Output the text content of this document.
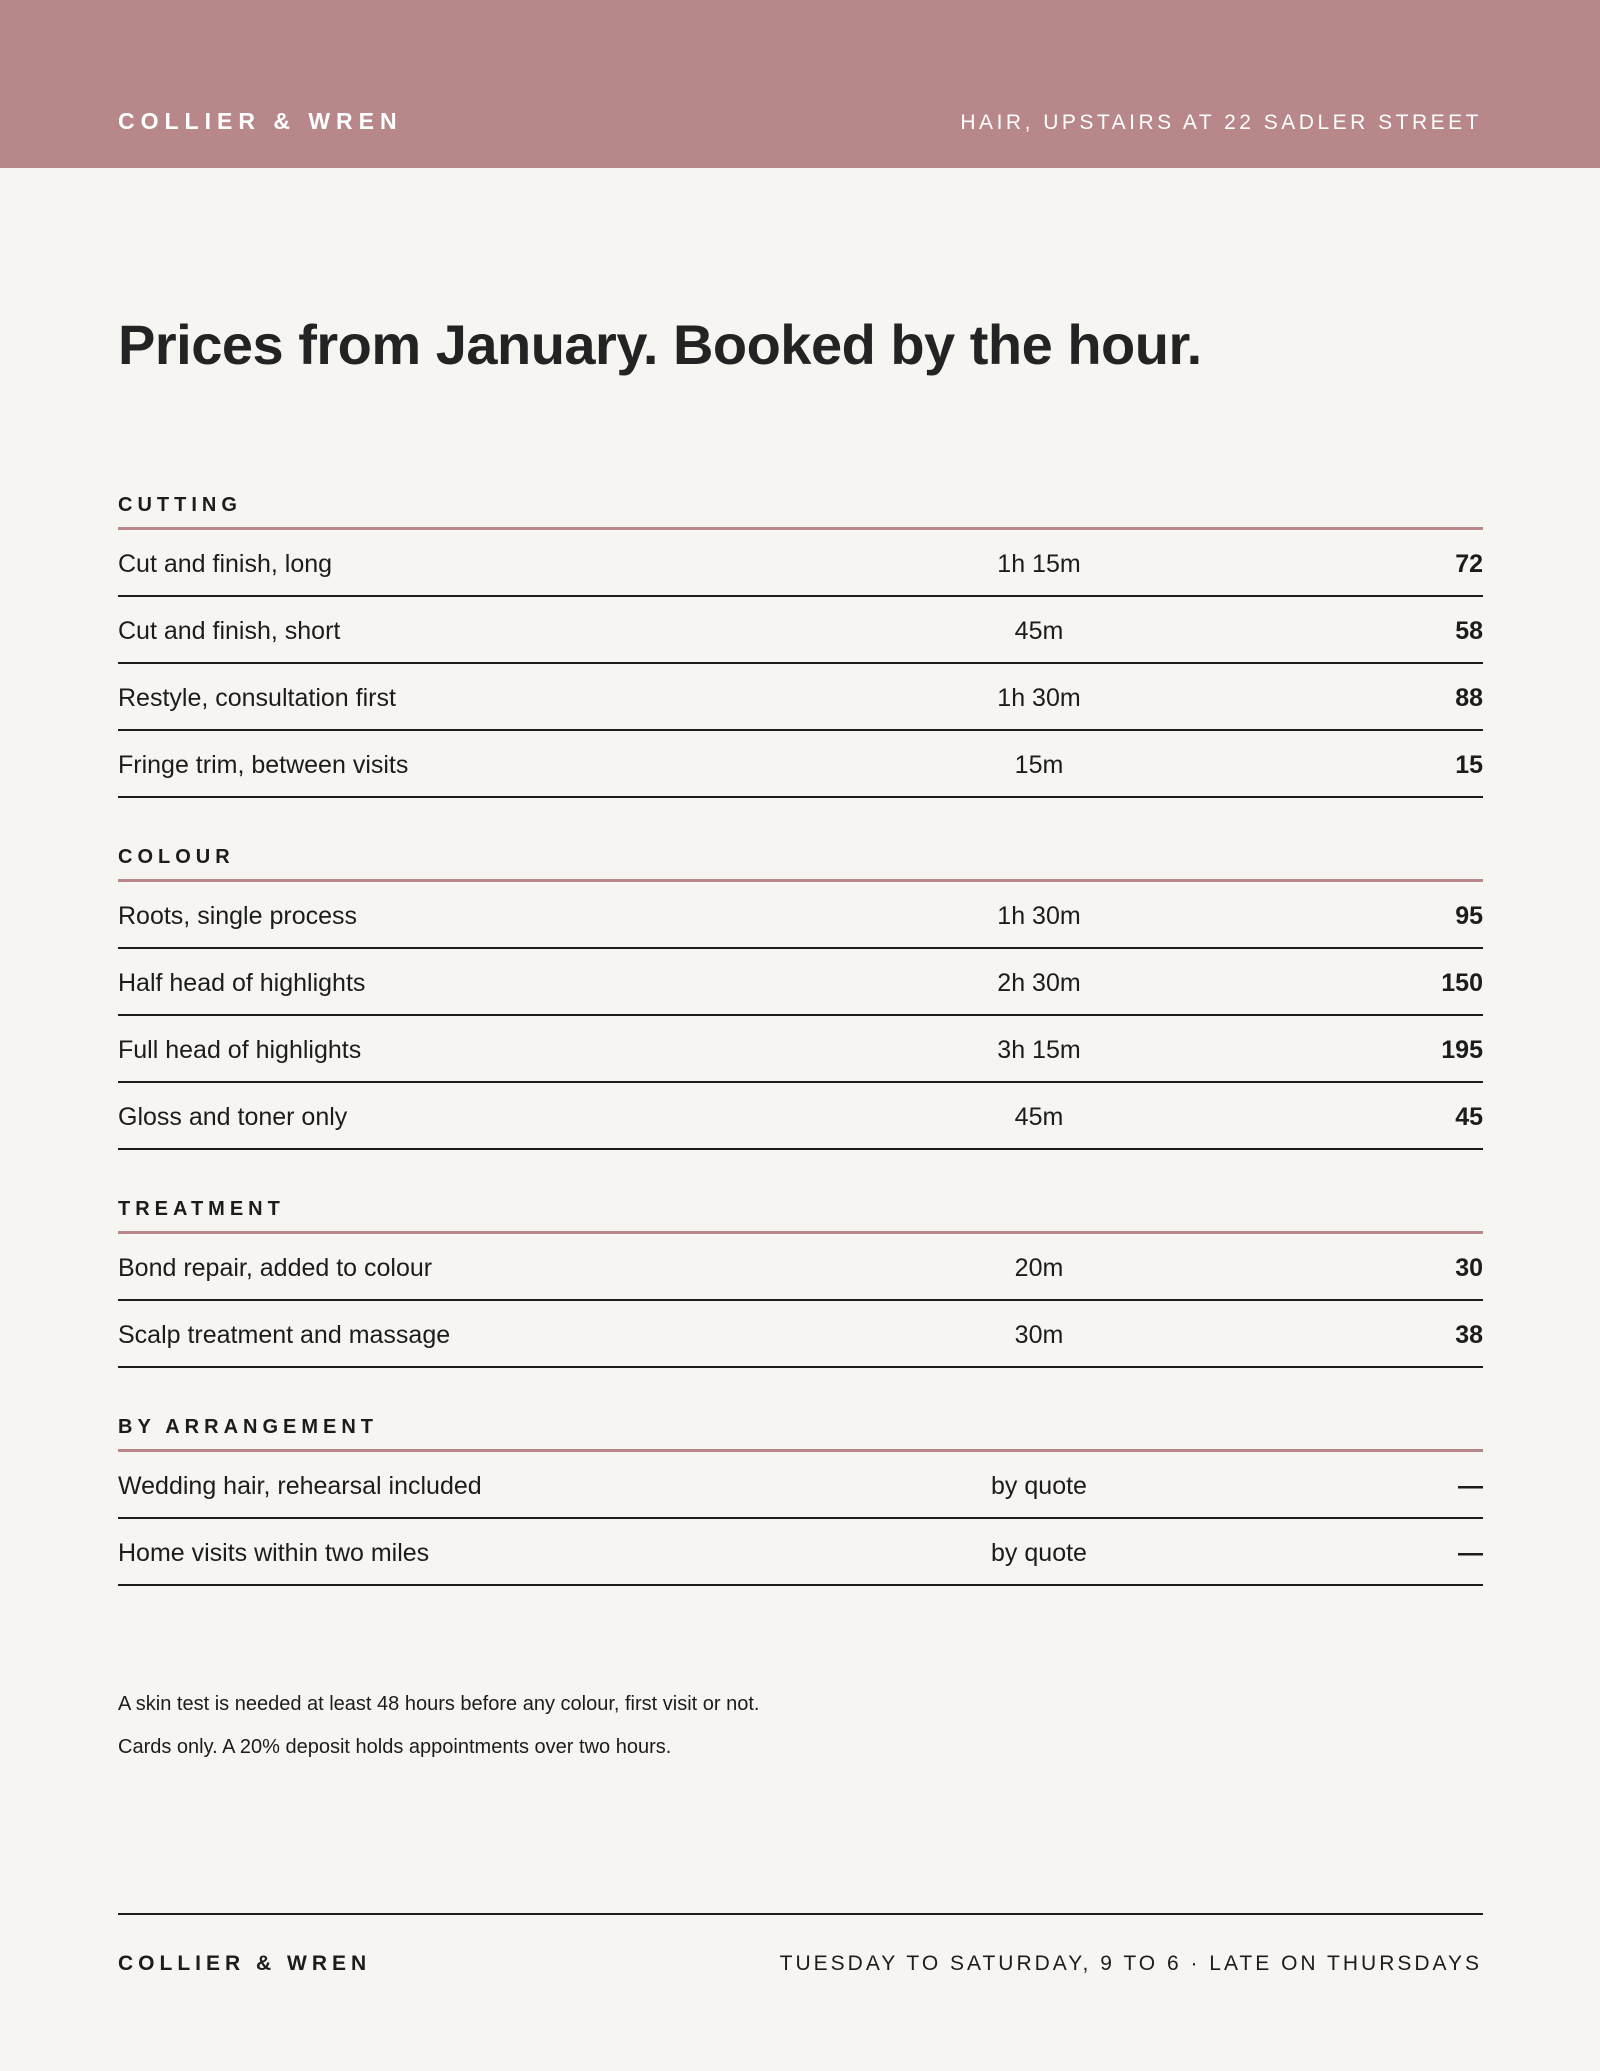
COLLIER & WREN	HAIR, UPSTAIRS AT 22 SADLER STREET
Prices from January. Booked by the hour.
CUTTING
Cut and finish, long	1h 15m	72
Cut and finish, short	45m	58
Restyle, consultation first	1h 30m	88
Fringe trim, between visits	15m	15
COLOUR
Roots, single process	1h 30m	95
Half head of highlights	2h 30m	150
Full head of highlights	3h 15m	195
Gloss and toner only	45m	45
TREATMENT
Bond repair, added to colour	20m	30
Scalp treatment and massage	30m	38
BY ARRANGEMENT
Wedding hair, rehearsal included	by quote	—
Home visits within two miles	by quote	—

A skin test is needed at least 48 hours before any colour, first visit or not.

Cards only. A 20% deposit holds appointments over two hours.

COLLIER & WREN	TUESDAY TO SATURDAY, 9 TO 6 · LATE ON THURSDAYS
